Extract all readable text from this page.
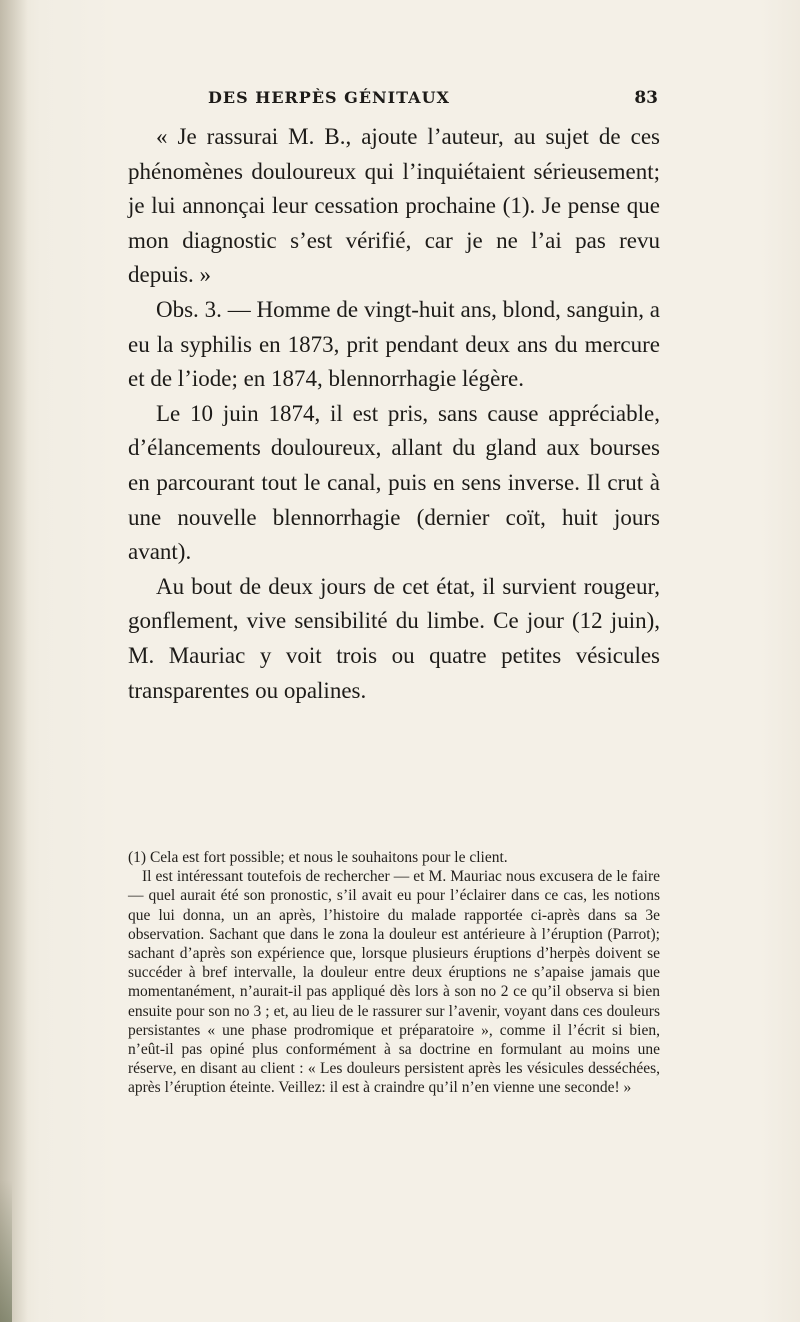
DES HERPÈS GÉNITAUX	83

« Je rassurai M. B., ajoute l’auteur, au sujet de ces phénomènes douloureux qui l’inquiétaient sérieusement; je lui annonçai leur cessation prochaine (1). Je pense que mon diagnostic s’est vérifié, car je ne l’ai pas revu depuis. »

Obs. 3. — Homme de vingt-huit ans, blond, sanguin, a eu la syphilis en 1873, prit pendant deux ans du mercure et de l’iode; en 1874, blennorrhagie légère.

Le 10 juin 1874, il est pris, sans cause appréciable, d’élancements douloureux, allant du gland aux bourses en parcourant tout le canal, puis en sens inverse. Il crut à une nouvelle blennorrhagie (dernier coït, huit jours avant).

Au bout de deux jours de cet état, il survient rougeur, gonflement, vive sensibilité du limbe. Ce jour (12 juin), M. Mauriac y voit trois ou quatre petites vésicules transparentes ou opalines.

(1) Cela est fort possible; et nous le souhaitons pour le client.

Il est intéressant toutefois de rechercher — et M. Mauriac nous excusera de le faire — quel aurait été son pronostic, s’il avait eu pour l’éclairer dans ce cas, les notions que lui donna, un an après, l’histoire du malade rapportée ci-après dans sa 3e observation. Sachant que dans le zona la douleur est antérieure à l’éruption (Parrot); sachant d’après son expérience que, lorsque plusieurs éruptions d’herpès doivent se succéder à bref intervalle, la douleur entre deux éruptions ne s’apaise jamais que momentanément, n’aurait-il pas appliqué dès lors à son no 2 ce qu’il observa si bien ensuite pour son no 3 ; et, au lieu de le rassurer sur l’avenir, voyant dans ces douleurs persistantes « une phase prodromique et préparatoire », comme il l’écrit si bien, n’eût-il pas opiné plus conformément à sa doctrine en formulant au moins une réserve, en disant au client : « Les douleurs persistent après les vésicules desséchées, après l’éruption éteinte. Veillez: il est à craindre qu’il n’en vienne une seconde! »
